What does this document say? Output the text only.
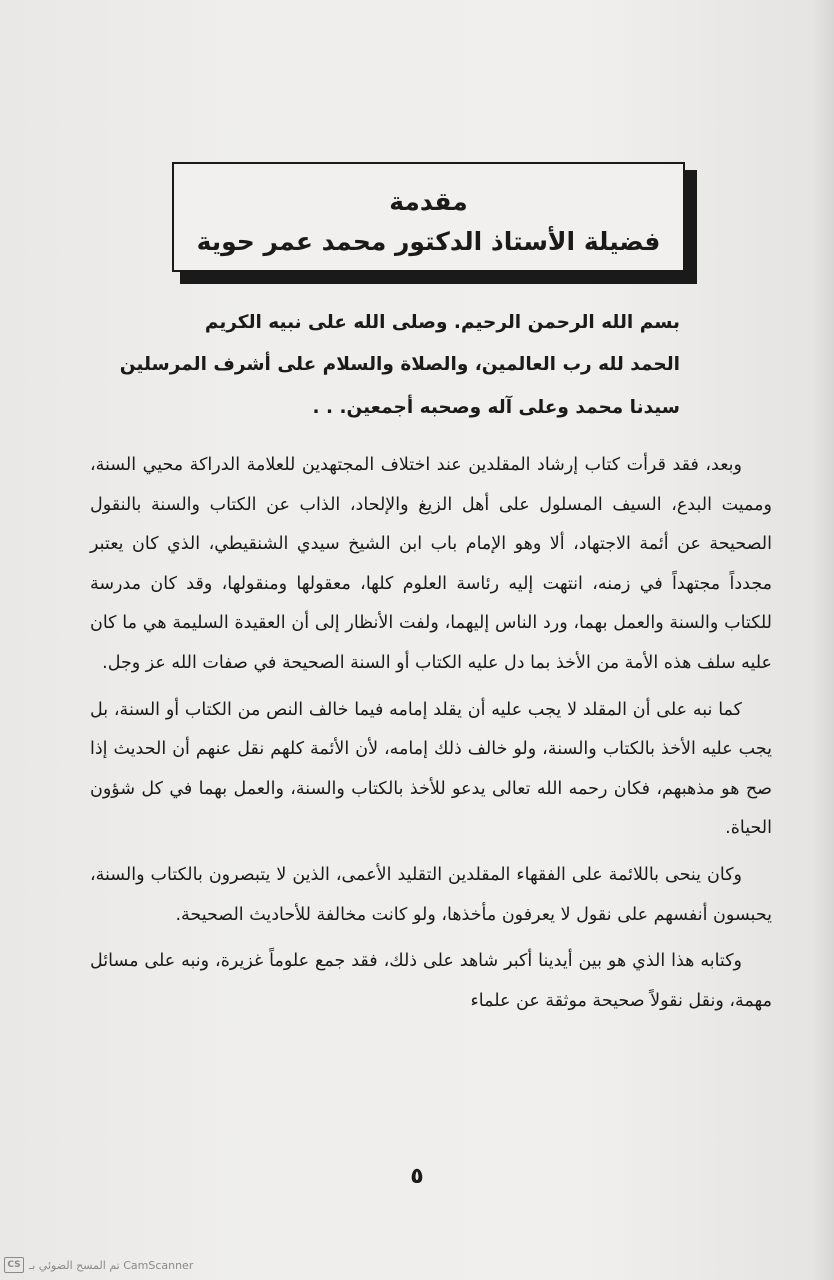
مقدمة
فضيلة الأستاذ الدكتور محمد عمر حوية
بسم الله الرحمن الرحيم. وصلى الله على نبيه الكريم
الحمد لله رب العالمين، والصلاة والسلام على أشرف المرسلين
سيدنا محمد وعلى آله وصحبه أجمعين. . .

وبعد، فقد قرأت كتاب إرشاد المقلدين عند اختلاف المجتهدين للعلامة الدراكة محيي السنة، ومميت البدع، السيف المسلول على أهل الزيغ والإلحاد، الذاب عن الكتاب والسنة بالنقول الصحيحة عن أئمة الاجتهاد، ألا وهو الإمام باب ابن الشيخ سيدي الشنقيطي، الذي كان يعتبر مجدداً مجتهداً في زمنه، انتهت إليه رئاسة العلوم كلها، معقولها ومنقولها، وقد كان مدرسة للكتاب والسنة والعمل بهما، ورد الناس إليهما، ولفت الأنظار إلى أن العقيدة السليمة هي ما كان عليه سلف هذه الأمة من الأخذ بما دل عليه الكتاب أو السنة الصحيحة في صفات الله عز وجل.

كما نبه على أن المقلد لا يجب عليه أن يقلد إمامه فيما خالف النص من الكتاب أو السنة، بل يجب عليه الأخذ بالكتاب والسنة، ولو خالف ذلك إمامه، لأن الأئمة كلهم نقل عنهم أن الحديث إذا صح هو مذهبهم، فكان رحمه الله تعالى يدعو للأخذ بالكتاب والسنة، والعمل بهما في كل شؤون الحياة.

وكان ينحى باللائمة على الفقهاء المقلدين التقليد الأعمى، الذين لا يتبصرون بالكتاب والسنة، يحبسون أنفسهم على نقول لا يعرفون مأخذها، ولو كانت مخالفة للأحاديث الصحيحة.

وكتابه هذا الذي هو بين أيدينا أكبر شاهد على ذلك، فقد جمع علوماً غزيرة، ونبه على مسائل مهمة، ونقل نقولاً صحيحة موثقة عن علماء

٥
CS تم المسح الضوئي بـ CamScanner
